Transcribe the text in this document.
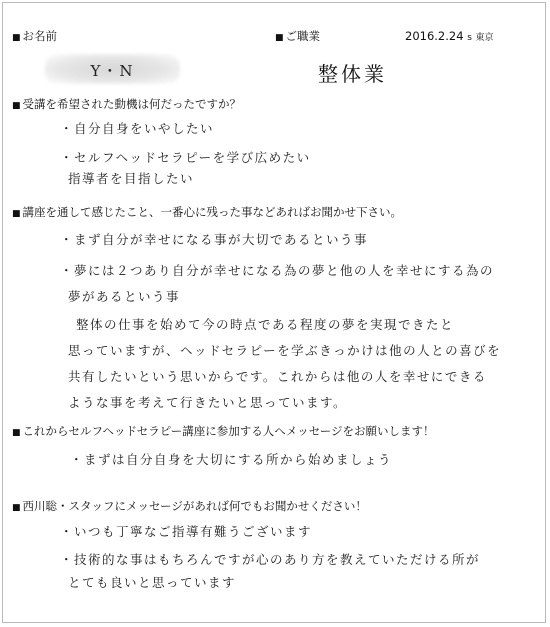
■ お名前
Y・N
■ ご職業	2016.2.24 s 東京
整体業
■ 受講を希望された動機は何だったですか？
・自分自身をいやしたい
・セルフヘッドセラピーを学び広めたい
指導者を目指したい
■ 講座を通して感じたこと、一番心に残った事などあればお聞かせ下さい。
・まず自分が幸せになる事が大切であるという事
・夢には２つあり自分が幸せになる為の夢と他の人を幸せにする為の
夢があるという事
整体の仕事を始めて今の時点である程度の夢を実現できたと
思っていますが、ヘッドセラピーを学ぶきっかけは他の人との喜びを
共有したいという思いからです。これからは他の人を幸せにできる
ような事を考えて行きたいと思っています。
■ これからセルフヘッドセラピー講座に参加する人へメッセージをお願いします！
・まずは自分自身を大切にする所から始めましょう
■ 西川聡・スタッフにメッセージがあれば何でもお聞かせください！
・いつも丁寧なご指導有難うございます
・技術的な事はもちろんですが心のあり方を教えていただける所が
とても良いと思っています
